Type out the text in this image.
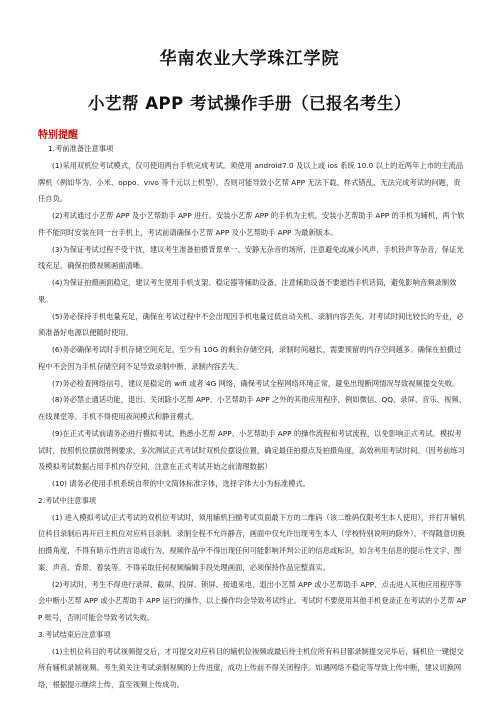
华南农业大学珠江学院
小艺帮 APP 考试操作手册（已报名考生）
特别提醒

1.考前准备注意事项

(1)采用双机位考试模式，仅可使用两台手机完成考试。须使用 android7.0 及以上或 ios 系统 10.0 以上的近两年上市的主流品牌机（例如华为、小米、oppo、vivo 等千元以上机型），否则可能导致小艺帮 APP 无法下载、样式错乱、无法完成考试的问题，责任自负。

(2)考试通过小艺帮 APP 及小艺帮助手 APP 进行。安装小艺帮 APP 的手机为主机，安装小艺帮助手 APP 的手机为辅机，两个软件不能同时安装在同一台手机上，考试前请确保小艺帮 APP 及小艺帮助手 APP 为最新版本。

(3)为保证考试过程不受干扰，建议考生准备拍摄背景单一、安静无杂音的场所，注意避免或减小风声、手机铃声等杂音，保证光线充足，确保拍摄视频画面清晰。

(4)为保证拍摄画面稳定，建议考生使用手机支架、稳定器等辅助设备，注意辅助设备不要遮挡手机话筒，避免影响音频录制效果。

(5)务必保持手机电量充足，确保在考试过程中不会出现因手机电量过低自动关机、录制内容丢失。对考试时间比较长的专业，必须准备好电源以便随时使用。

(6)务必确保考试时手机存储空间充足，至少有 10G 的剩余存储空间，录制时间越长，需要预留的内存空间越多。确保在拍摄过程中不会因为手机存储空间不足导致录制中断、录制内容丢失。

(7)务必检查网络信号，建议是稳定的 wifi 或者 4G 网络，确保考试全程网络环境正常，避免出现断网情况导致视频提交失败。

(8)务必禁止通话功能，退出、关闭除小艺帮 APP、小艺帮助手 APP 之外的其他应用程序，例如微信、QQ、录屏、音乐、视频、在线课堂等。手机不得使用夜间模式和静音模式。

(9)在正式考试前请务必进行模拟考试，熟悉小艺帮 APP、小艺帮助手 APP 的操作流程和考试流程，以免影响正式考试。模拟考试时，按照机位摆放图例要求，多次测试正式考试时双机位摆设位置，确定最佳拍摄点及拍摄角度，高效利用考试时间。（因考前练习及模拟考试数据占用手机内存空间，注意在正式考试开始之前清理数据）

(10) 请务必使用手机系统自带的中文简体标准字体，选择字体大小为标准模式。

2.考试中注意事项

(1) 进入模拟考试/正式考试的双机位考试时，须用辅机扫描考试页面最下方的二维码（该二维码仅限考生本人使用），并打开辅机位科目录制后再开启主机位对应科目录制。录制全程不允许静音，画面中仅允许出现考生本人（学校特别说明的除外），不得随意切换拍摄角度，不得有暗示性的言语或行为，视频作品中不得出现任何可能影响评判公正的信息或标识，如含考生信息的提示性文字、图案、声音、背景、着装等。不得采取任何视频编辑手段处理画面，必须保持作品完整真实。

(2)考试时，考生不得进行录屏、截屏、投屏、锁屏、接通来电、退出小艺帮 APP 或小艺帮助手 APP、点击进入其他应用程序等会中断小艺帮 APP 或小艺帮助手 APP 运行的操作，以上操作均会导致考试终止。考试时不要使用其他手机登录正在考试的小艺帮 APP 账号，否则可能会导致考试失败。

3.考试结束后注意事项

(1)主机位科目的考试视频提交后，才可提交对应科目的辅机位视频或最后待主机位所有科目都录制提交完毕后，辅机位一键提交所有辅机录制视频。考生须关注考试录制视频的上传进度，成功上传前不得关闭程序。如遇网络不稳定等导致上传中断，建议切换网络，根据提示继续上传，直至视频上传成功。
